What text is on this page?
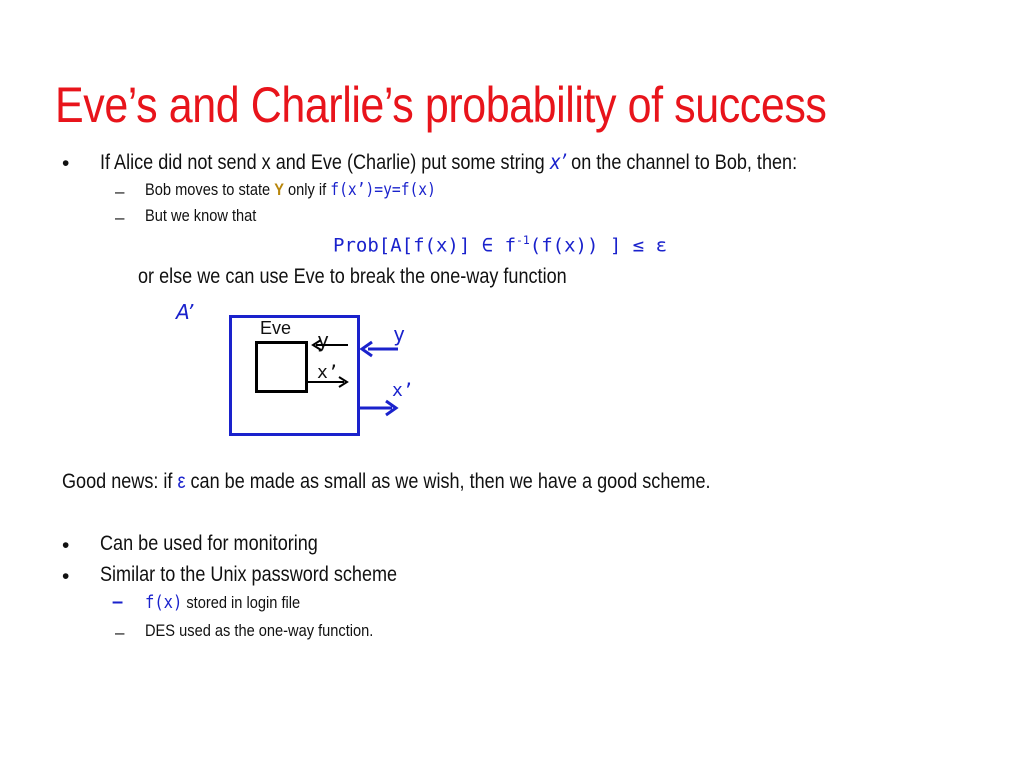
Eve’s and Charlie’s probability of success
• If Alice did not send x and Eve (Charlie) put some string x’ on the channel to Bob, then:
– Bob moves to state Y only if f(x’)=y=f(x)
– But we know that
Prob[A[f(x)] ∈ $f^{-1}(f(x))$ ] ≤ ε
or else we can use Eve to break the one-way function
A’
Eve y
x’
y
x’
Good news: if ε can be made as small as we wish, then we have a good scheme.
• Can be used for monitoring
• Similar to the Unix password scheme
– f(x) stored in login file
– DES used as the one-way function.
